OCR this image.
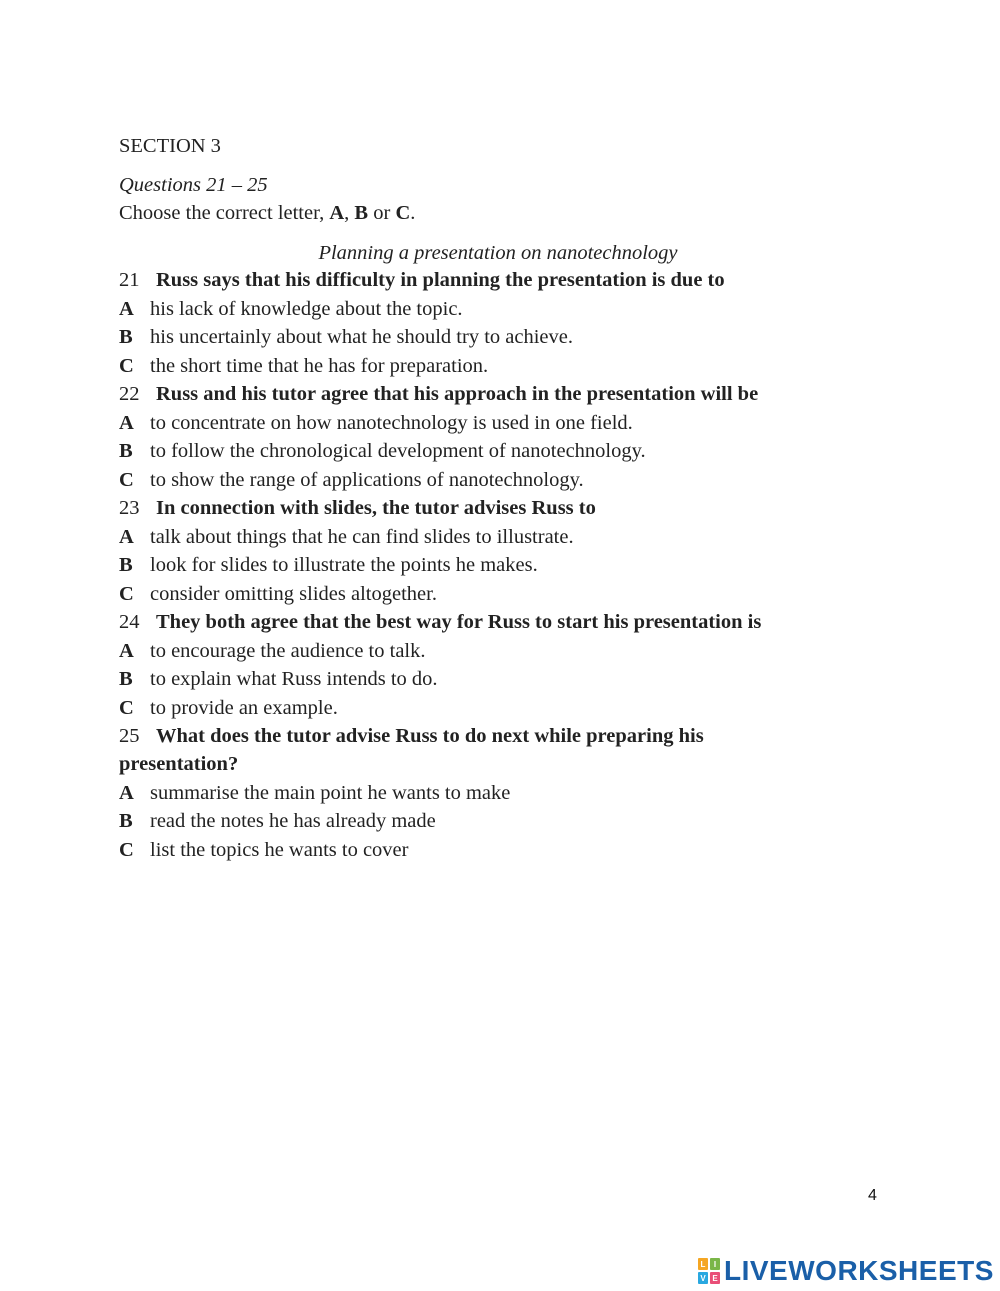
SECTION 3
Questions 21 – 25
Choose the correct letter, A, B or C.
Planning a presentation on nanotechnology
21 Russ says that his difficulty in planning the presentation is due to
A his lack of knowledge about the topic.
B his uncertainly about what he should try to achieve.
C the short time that he has for preparation.
22 Russ and his tutor agree that his approach in the presentation will be
A to concentrate on how nanotechnology is used in one field.
B to follow the chronological development of nanotechnology.
C to show the range of applications of nanotechnology.
23 In connection with slides, the tutor advises Russ to
A talk about things that he can find slides to illustrate.
B look for slides to illustrate the points he makes.
C consider omitting slides altogether.
24 They both agree that the best way for Russ to start his presentation is
A to encourage the audience to talk.
B to explain what Russ intends to do.
C to provide an example.
25 What does the tutor advise Russ to do next while preparing his
presentation?
A summarise the main point he wants to make
B read the notes he has already made
C list the topics he wants to cover
4
L	I
V E LIVEWORKSHEETS
